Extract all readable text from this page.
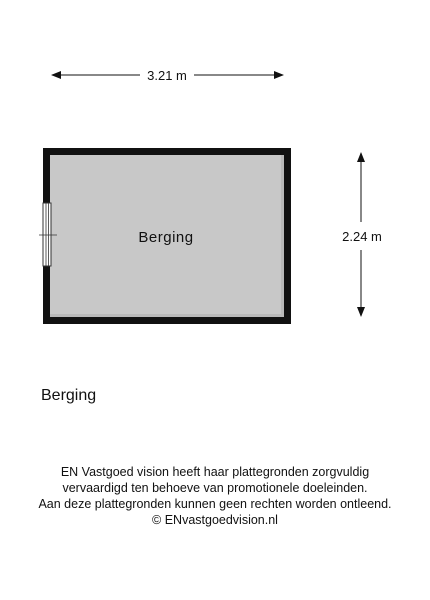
3.21 m
2.24 m
Berging
Berging
EN Vastgoed vision heeft haar plattegronden zorgvuldig
vervaardigd ten behoeve van promotionele doeleinden.
Aan deze plattegronden kunnen geen rechten worden ontleend.
© ENvastgoedvision.nl
